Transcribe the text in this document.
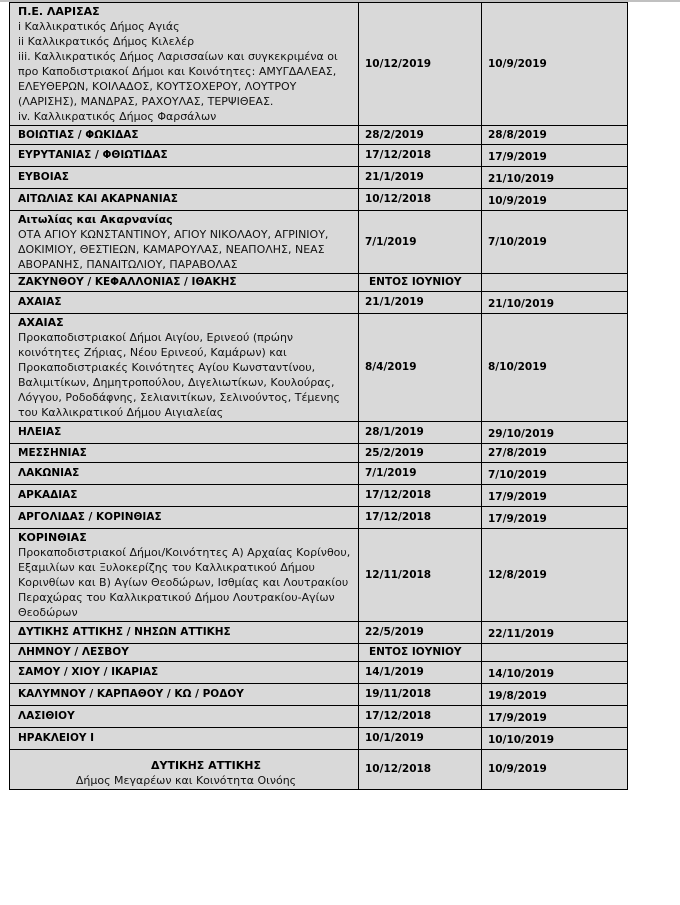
Π.Ε. ΛΑΡΙΣΑΣ
i Καλλικρατικός Δήμος Αγιάς
ii Καλλικρατικός Δήμος Κιλελέρ
iii. Καλλικρατικός Δήμος Λαρισσαίων και συγκεκριμένα οι προ Καποδιστριακοί Δήμοι και Κοινότητες: ΑΜΥΓΔΑΛΕΑΣ, ΕΛΕΥΘΕΡΩΝ, ΚΟΙΛΑΔΟΣ, ΚΟΥΤΣΟΧΕΡΟΥ, ΛΟΥΤΡΟΥ (ΛΑΡΙΣΗΣ), ΜΑΝΔΡΑΣ, ΡΑΧΟΥΛΑΣ, ΤΕΡΨΙΘΕΑΣ.
iv. Καλλικρατικός Δήμος Φαρσάλων	10/12/2019	10/9/2019
ΒΟΙΩΤΙΑΣ / ΦΩΚΙΔΑΣ	28/2/2019	28/8/2019
ΕΥΡΥΤΑΝΙΑΣ / ΦΘΙΩΤΙΔΑΣ	17/12/2018	17/9/2019
ΕΥΒΟΙΑΣ	21/1/2019	21/10/2019
ΑΙΤΩΛΙΑΣ ΚΑΙ ΑΚΑΡΝΑΝΙΑΣ	10/12/2018	10/9/2019

Αιτωλίας και Ακαρνανίας
ΟΤΑ ΑΓΙΟΥ ΚΩΝΣΤΑΝΤΙΝΟΥ, ΑΓΙΟΥ ΝΙΚΟΛΑΟΥ, ΑΓΡΙΝΙΟΥ, ΔΟΚΙΜΙΟΥ, ΘΕΣΤΙΕΩΝ, ΚΑΜΑΡΟΥΛΑΣ, ΝΕΑΠΟΛΗΣ, ΝΕΑΣ ΑΒΟΡΑΝΗΣ, ΠΑΝΑΙΤΩΛΙΟΥ, ΠΑΡΑΒΟΛΑΣ	7/1/2019	7/10/2019
ΖΑΚΥΝΘΟΥ / ΚΕΦΑΛΛΟΝΙΑΣ / ΙΘΑΚΗΣ	ΕΝΤΟΣ ΙΟΥΝΙΟΥ	
ΑΧΑΙΑΣ	21/1/2019	21/10/2019

ΑΧΑΙΑΣ
Προκαποδιστριακοί Δήμοι Αιγίου, Ερινεού (πρώην κοινότητες Ζήριας, Νέου Ερινεού, Καμάρων) και Προκαποδιστριακές Κοινότητες Αγίου Κωνσταντίνου, Βαλιμιτίκων, Δημητροπούλου, Διγελιωτίκων, Κουλούρας, Λόγγου, Ροδοδάφνης, Σελιανιτίκων, Σελινούντος, Τέμενης του Καλλικρατικού Δήμου Αιγιαλείας	8/4/2019	8/10/2019
ΗΛΕΙΑΣ	28/1/2019	29/10/2019
ΜΕΣΣΗΝΙΑΣ	25/2/2019	27/8/2019
ΛΑΚΩΝΙΑΣ	7/1/2019	7/10/2019
ΑΡΚΑΔΙΑΣ	17/12/2018	17/9/2019
ΑΡΓΟΛΙΔΑΣ / ΚΟΡΙΝΘΙΑΣ	17/12/2018	17/9/2019

ΚΟΡΙΝΘΙΑΣ
Προκαποδιστριακοί Δήμοι/Κοινότητες Α) Αρχαίας Κορίνθου, Εξαμιλίων και Ξυλοκερίζης του Καλλικρατικού Δήμου Κορινθίων και Β) Αγίων Θεοδώρων, Ισθμίας και Λουτρακίου Περαχώρας του Καλλικρατικού Δήμου Λουτρακίου-Αγίων Θεοδώρων	12/11/2018	12/8/2019
ΔΥΤΙΚΗΣ ΑΤΤΙΚΗΣ / ΝΗΣΩΝ ΑΤΤΙΚΗΣ	22/5/2019	22/11/2019
ΛΗΜΝΟΥ / ΛΕΣΒΟΥ	ΕΝΤΟΣ ΙΟΥΝΙΟΥ	
ΣΑΜΟΥ / ΧΙΟΥ / ΙΚΑΡΙΑΣ	14/1/2019	14/10/2019
ΚΑΛΥΜΝΟΥ / ΚΑΡΠΑΘΟΥ / ΚΩ / ΡΟΔΟΥ	19/11/2018	19/8/2019
ΛΑΣΙΘΙΟΥ	17/12/2018	17/9/2019
ΗΡΑΚΛΕΙΟΥ Ι	10/1/2019	10/10/2019

ΔΥΤΙΚΗΣ ΑΤΤΙΚΗΣ
Δήμος Μεγαρέων και Κοινότητα Οινόης	10/12/2018	10/9/2019
